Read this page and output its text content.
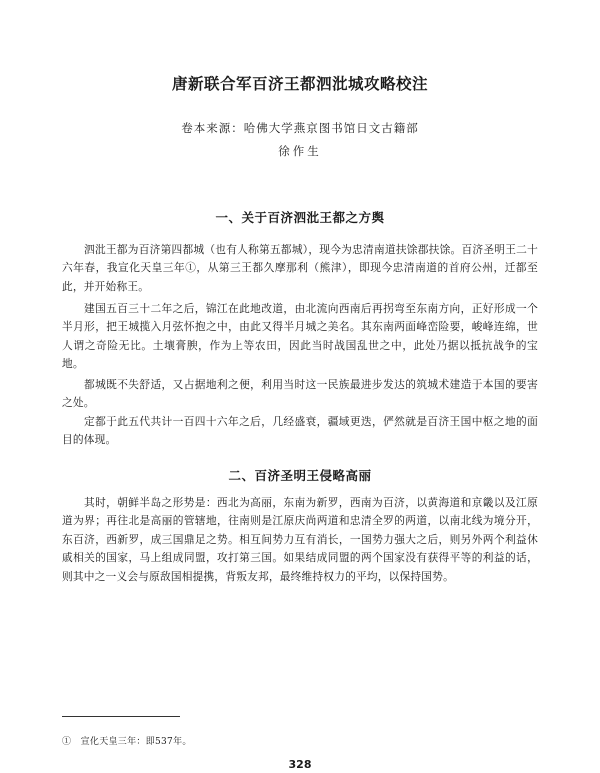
唐新联合军百济王都泗沘城攻略校注
卷本来源：哈佛大学燕京图书馆日文古籍部
徐作生
一、关于百济泗沘王都之方舆

泗沘王都为百济第四都城（也有人称第五都城），现今为忠清南道扶馀郡扶馀。百济圣明王二十六年春，我宣化天皇三年①，从第三王都久摩那利（熊津），即现今忠清南道的首府公州，迁都至此，并开始称王。

建国五百三十二年之后，锦江在此地改道，由北流向西南后再拐弯至东南方向，正好形成一个半月形，把王城揽入月弦怀抱之中，由此又得半月城之美名。其东南两面峰峦险要，峻峰连绵，世人谓之奇险无比。土壤膏腴，作为上等农田，因此当时战国乱世之中，此处乃据以抵抗战争的宝地。

都城既不失舒适，又占据地利之便，利用当时这一民族最进步发达的筑城术建造于本国的要害之处。

定都于此五代共计一百四十六年之后，几经盛衰，疆域更迭，俨然就是百济王国中枢之地的面目的体现。

二、百济圣明王侵略高丽

其时，朝鲜半岛之形势是：西北为高丽，东南为新罗，西南为百济，以黄海道和京畿以及江原道为界；再往北是高丽的管辖地，往南则是江原庆尚两道和忠清全罗的两道，以南北线为境分开，东百济，西新罗，成三国鼎足之势。相互间势力互有消长，一国势力强大之后，则另外两个利益休戚相关的国家，马上组成同盟，攻打第三国。如果结成同盟的两个国家没有获得平等的利益的话，则其中之一义会与原敌国相提携，背叛友邦，最终维持权力的平均，以保持国势。

①　宣化天皇三年：即537年。
328
